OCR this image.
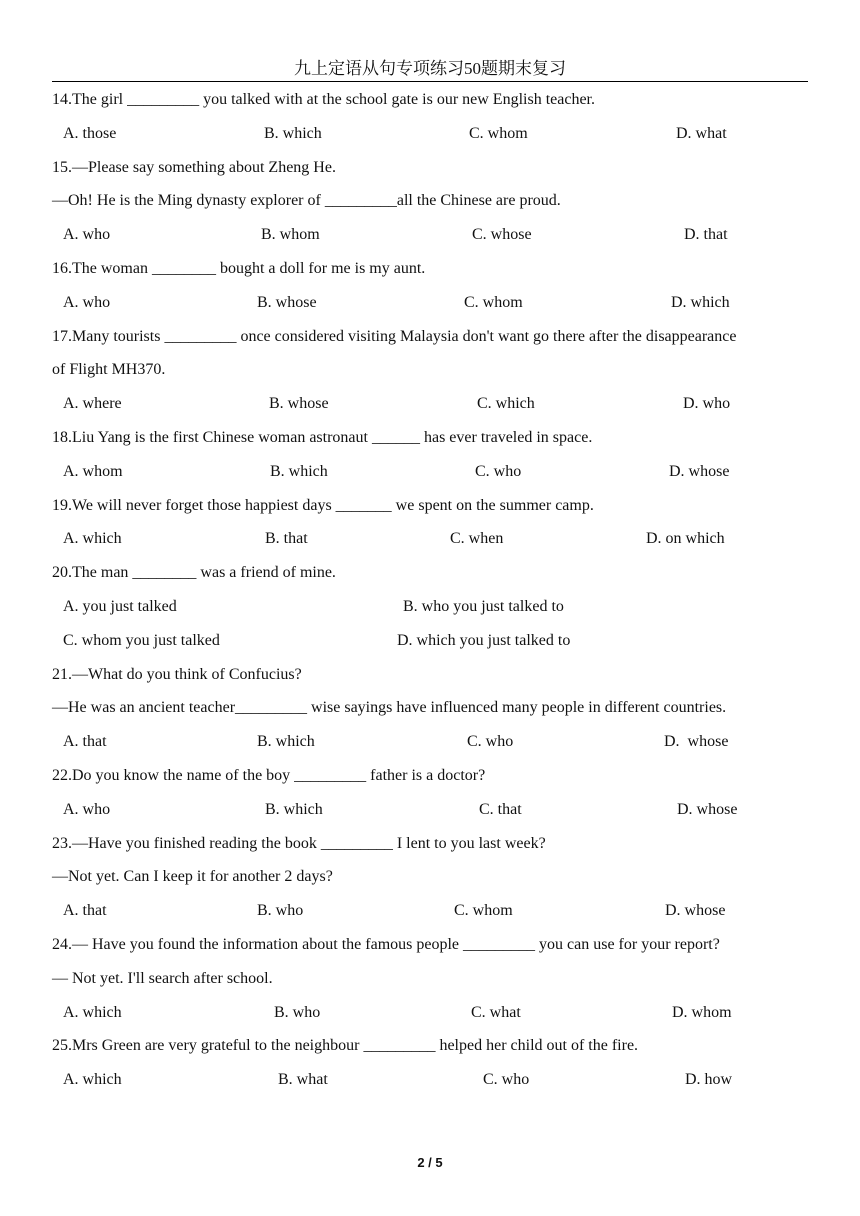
九上定语从句专项练习50题期末复习
14.The girl _________ you talked with at the school gate is our new English teacher.
A. those	B. which	C. whom	D. what
15.—Please say something about Zheng He.
—Oh! He is the Ming dynasty explorer of _________all the Chinese are proud.
A. who	B. whom	C. whose	D. that
16.The woman ________ bought a doll for me is my aunt.
A. who	B. whose	C. whom	D. which
17.Many tourists _________ once considered visiting Malaysia don't want go there after the disappearance
of Flight MH370.
A. where	B. whose	C. which	D. who
18.Liu Yang is the first Chinese woman astronaut ______ has ever traveled in space.
A. whom	B. which	C. who	D. whose
19.We will never forget those happiest days _______ we spent on the summer camp.
A. which	B. that	C. when	D. on which
20.The man ________ was a friend of mine.
A. you just talked	B. who you just talked to
C. whom you just talked	D. which you just talked to
21.—What do you think of Confucius?
—He was an ancient teacher_________ wise sayings have influenced many people in different countries.
A. that	B. which	C. who	D.  whose
22.Do you know the name of the boy _________ father is a doctor?
A. who	B. which	C. that	D. whose
23.—Have you finished reading the book _________ I lent to you last week?
—Not yet. Can I keep it for another 2 days?
A. that	B. who	C. whom	D. whose
24.— Have you found the information about the famous people _________ you can use for your report?
— Not yet. I'll search after school.
A. which	B. who	C. what	D. whom
25.Mrs Green are very grateful to the neighbour _________ helped her child out of the fire.
A. which	B. what	C. who	D. how
2 / 5
